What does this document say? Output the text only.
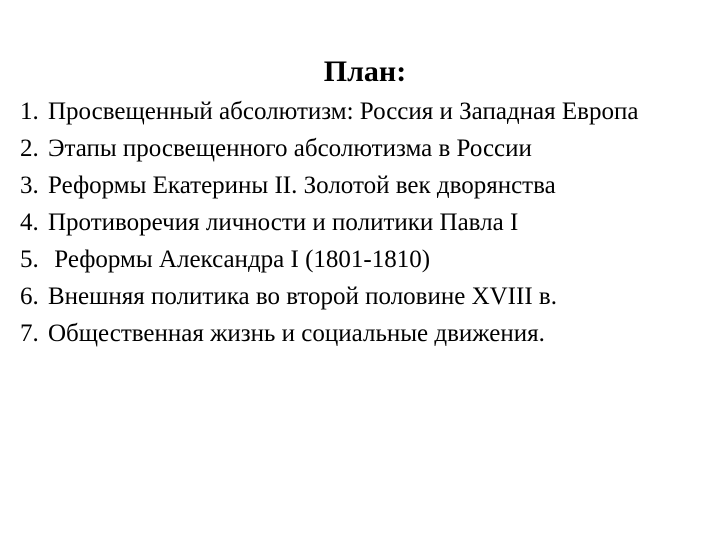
План:
1. Просвещенный абсолютизм: Россия и Западная Европа
2. Этапы просвещенного абсолютизма в России
3. Реформы Екатерины II. Золотой век дворянства
4. Противоречия личности и политики Павла I
5. Реформы Александра I (1801-1810)
6. Внешняя политика во второй половине XVIII в.
7. Общественная жизнь и социальные движения.
